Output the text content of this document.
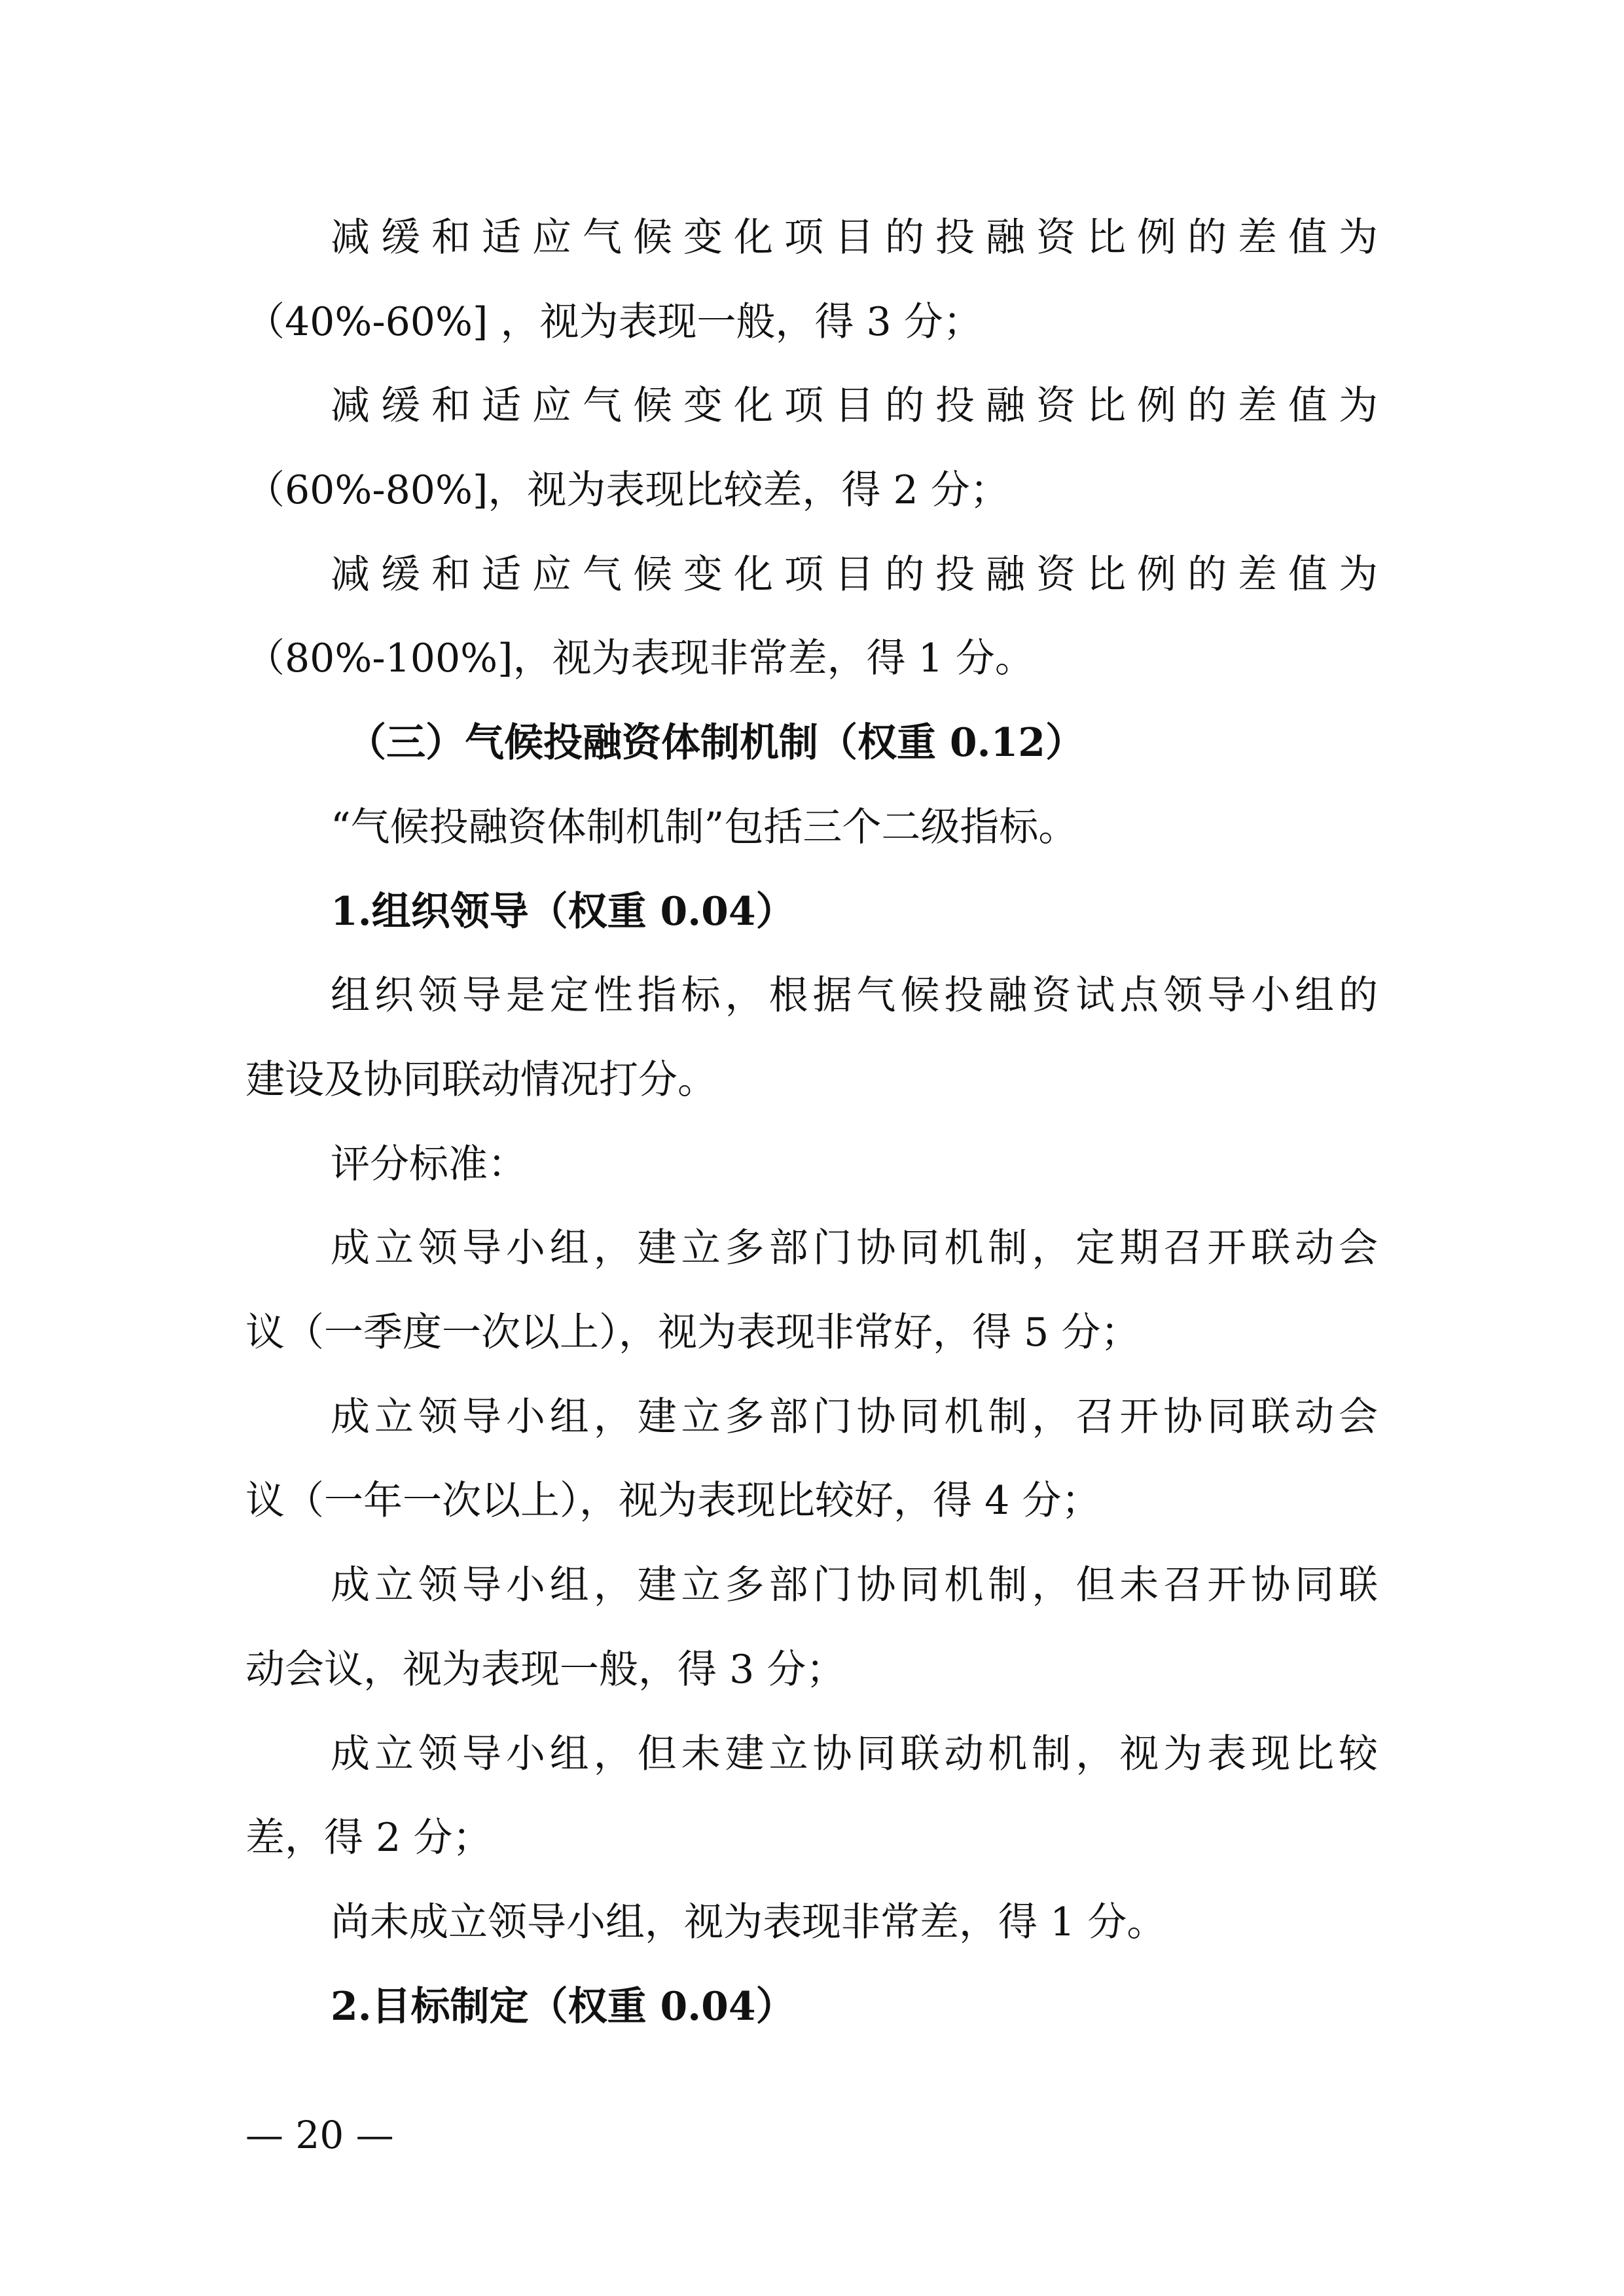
减缓和适应气候变化项目的投融资比例的差值为
（40%-60%] ，视为表现一般，得 3 分；
减缓和适应气候变化项目的投融资比例的差值为
（60%-80%]，视为表现比较差，得 2 分；
减缓和适应气候变化项目的投融资比例的差值为
（80%-100%]，视为表现非常差，得 1 分。
（三）气候投融资体制机制（权重 0.12）
“气候投融资体制机制”包括三个二级指标。
1.组织领导（权重 0.04）
组织领导是定性指标，根据气候投融资试点领导小组的
建设及协同联动情况打分。
评分标准：
成立领导小组，建立多部门协同机制，定期召开联动会
议（一季度一次以上），视为表现非常好，得 5 分；
成立领导小组，建立多部门协同机制，召开协同联动会
议（一年一次以上），视为表现比较好，得 4 分；
成立领导小组，建立多部门协同机制，但未召开协同联
动会议，视为表现一般，得 3 分；
成立领导小组，但未建立协同联动机制，视为表现比较
差，得 2 分；
尚未成立领导小组，视为表现非常差，得 1 分。
2.目标制定（权重 0.04）
— 20 —
